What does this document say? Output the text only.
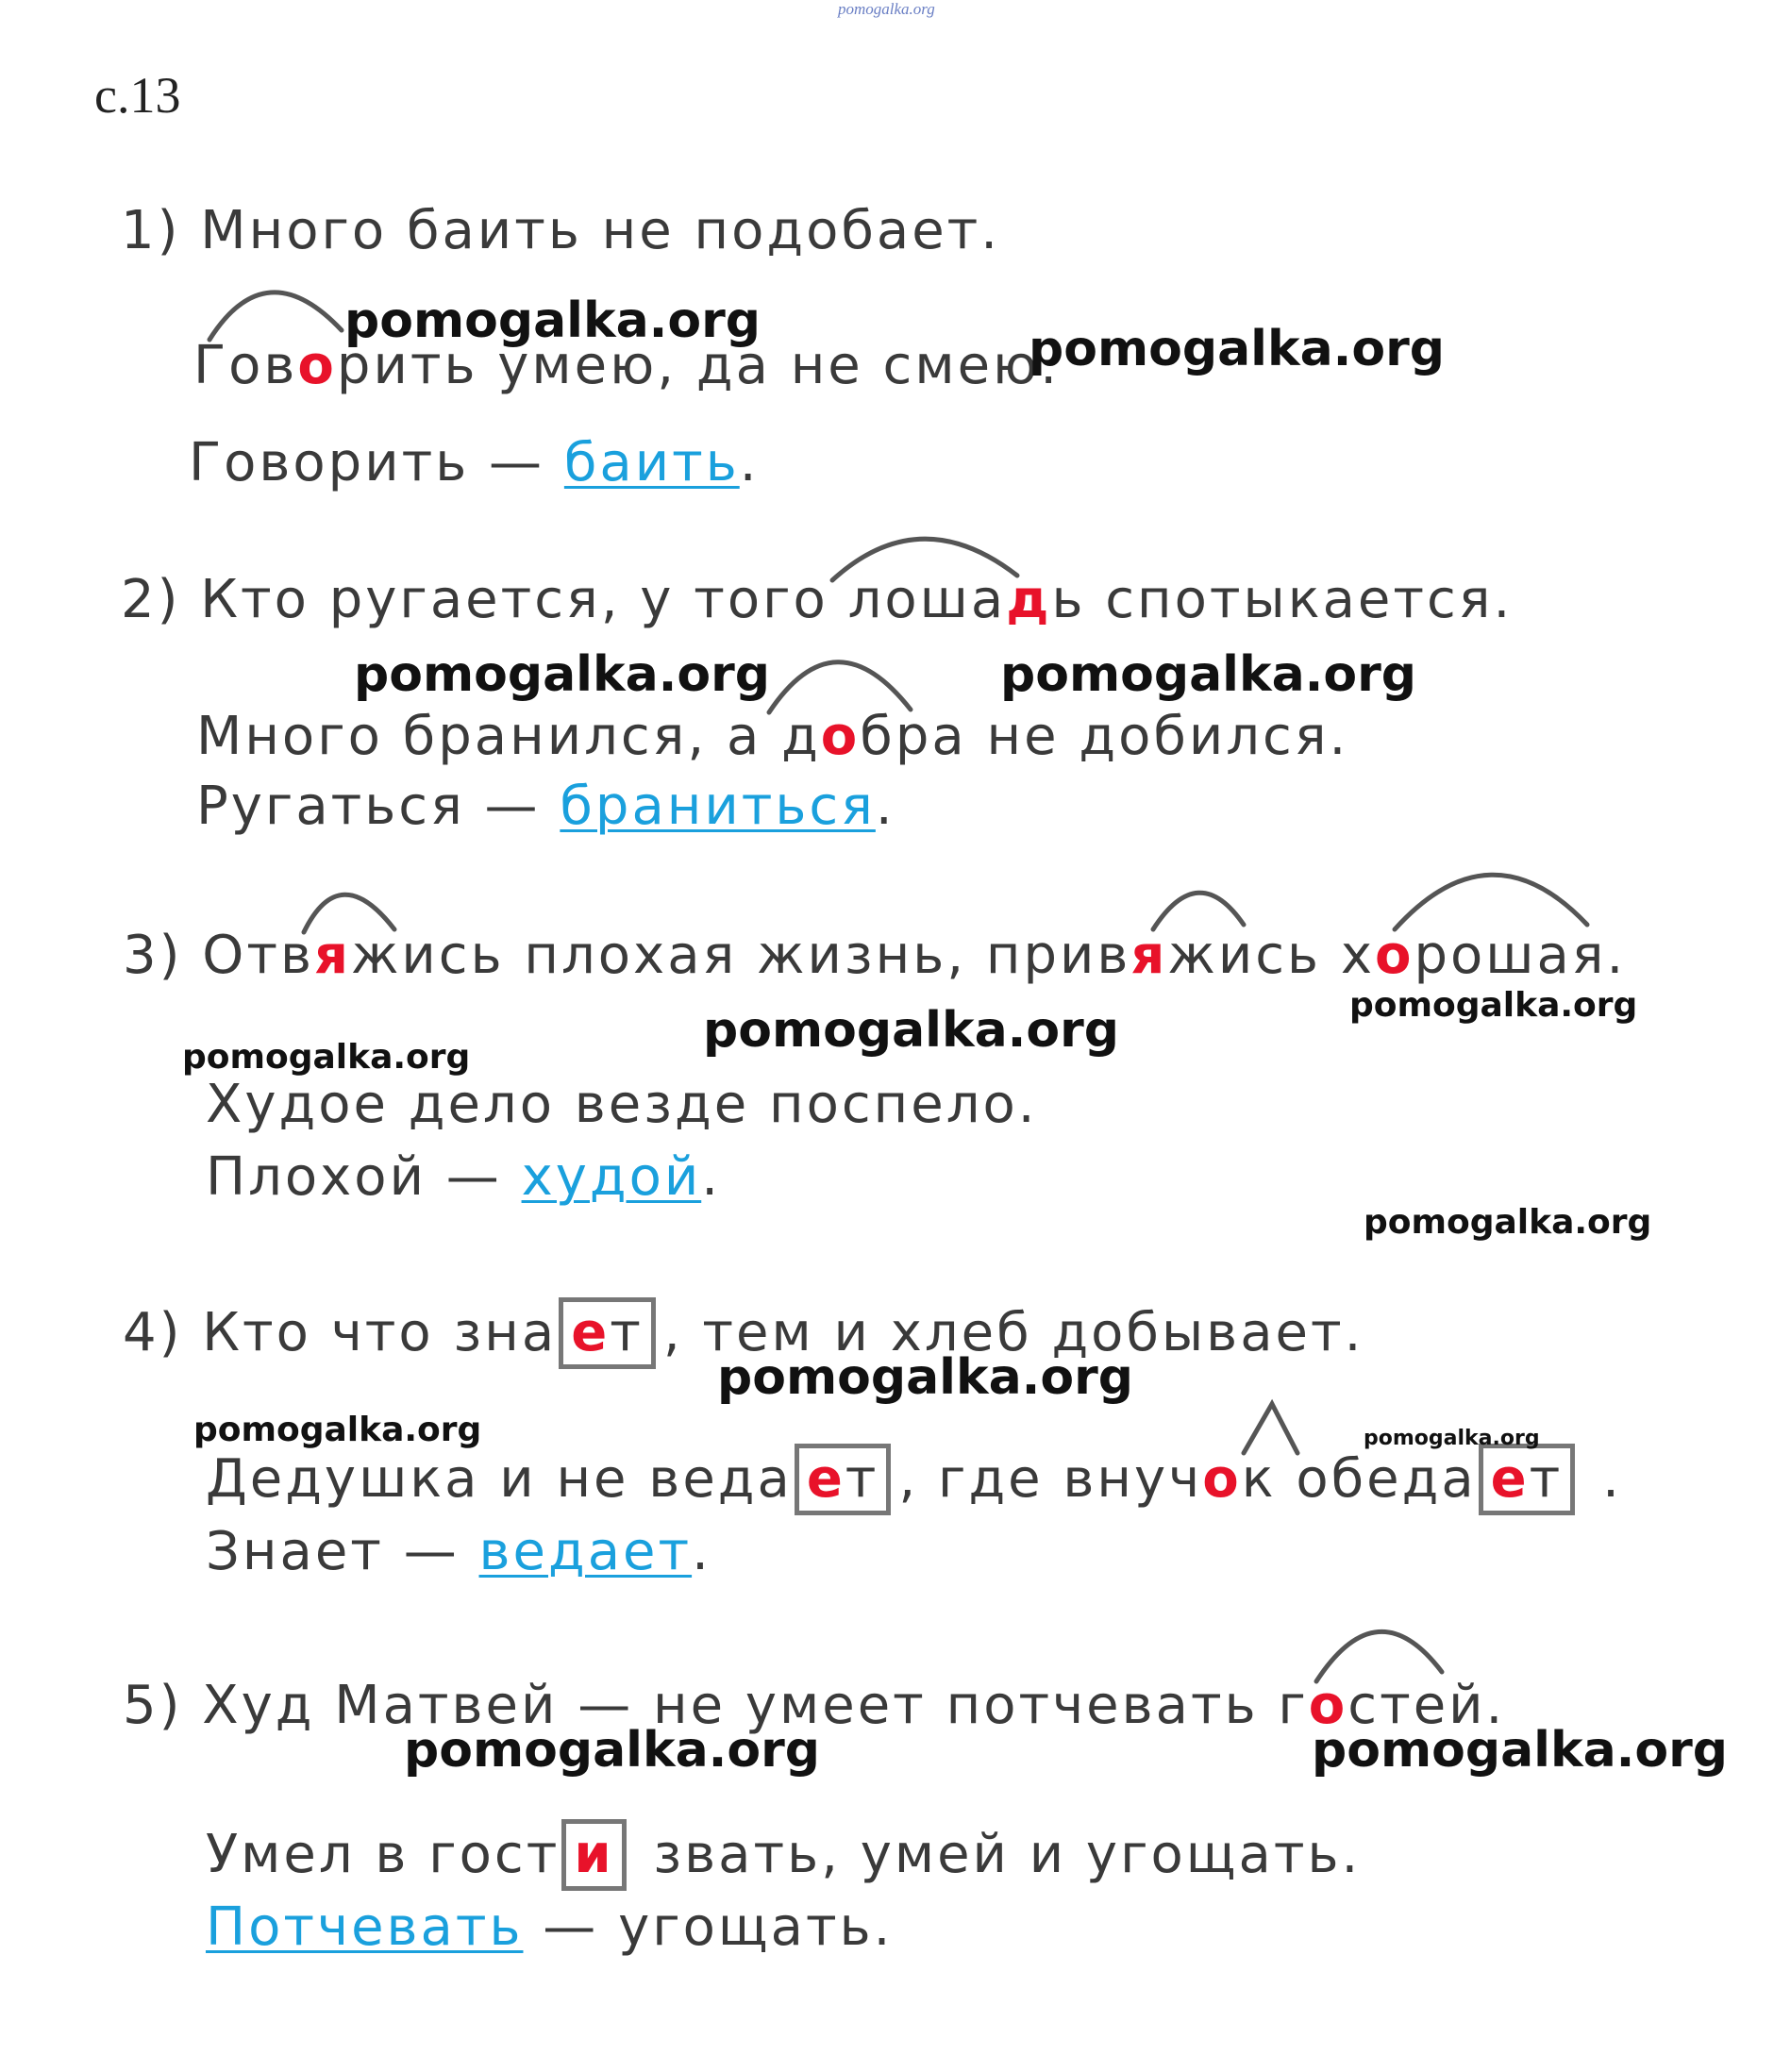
pomogalka.org
с.13
1) Много баить не подобает.
Говорить умею, да не смею.
Говорить — баить.
2) Кто ругается, у того лошадь спотыкается.
Много бранился, а добра не добился.
Ругаться — браниться.
3) Отвяжись плохая жизнь, привяжись хорошая.
Худое дело везде поспело.
Плохой — худой.
4) Кто что зна ет , тем и хлеб добывает.
Дедушка и не веда ет , где внучок обеда ет .
Знает — ведает.
5) Худ Матвей — не умеет потчевать гостей.
Умел в гост и звать, умей и угощать.
Потчевать — угощать.
pomogalka.org	pomogalka.org
pomogalka.org	pomogalka.org
pomogalka.org
pomogalka.org
pomogalka.org
pomogalka.org
pomogalka.org
pomogalka.org	pomogalka.org
pomogalka.org	pomogalka.org
